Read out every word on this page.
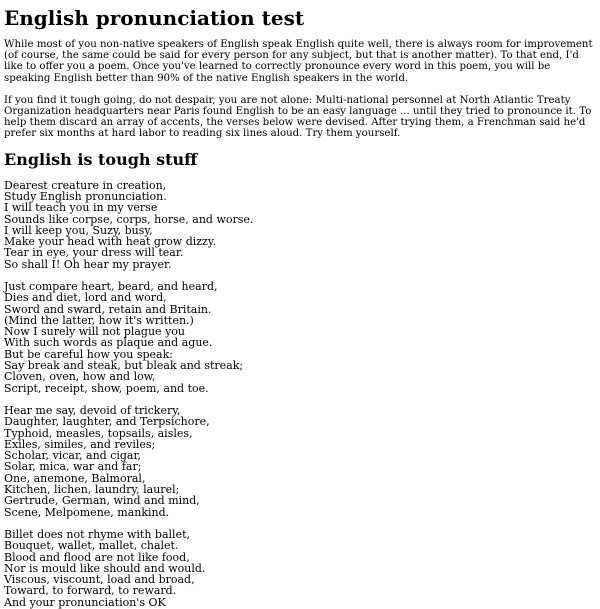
English pronunciation test

While most of you non-native speakers of English speak English quite well, there is always room for improvement (of course, the same could be said for every person for any subject, but that is another matter). To that end, I'd like to offer you a poem. Once you've learned to correctly pronounce every word in this poem, you will be speaking English better than 90% of the native English speakers in the world.

If you find it tough going, do not despair, you are not alone: Multi-national personnel at North Atlantic Treaty Organization headquarters near Paris found English to be an easy language ... until they tried to pronounce it. To help them discard an array of accents, the verses below were devised. After trying them, a Frenchman said he'd prefer six months at hard labor to reading six lines aloud. Try them yourself.

English is tough stuff
Dearest creature in creation,
Study English pronunciation.
I will teach you in my verse
Sounds like corpse, corps, horse, and worse.
I will keep you, Suzy, busy,
Make your head with heat grow dizzy.
Tear in eye, your dress will tear.
So shall I! Oh hear my prayer.
Just compare heart, beard, and heard,
Dies and diet, lord and word,
Sword and sward, retain and Britain.
(Mind the latter, how it's written.)
Now I surely will not plague you
With such words as plaque and ague.
But be careful how you speak:
Say break and steak, but bleak and streak;
Cloven, oven, how and low,
Script, receipt, show, poem, and toe.
Hear me say, devoid of trickery,
Daughter, laughter, and Terpsichore,
Typhoid, measles, topsails, aisles,
Exiles, similes, and reviles;
Scholar, vicar, and cigar,
Solar, mica, war and far;
One, anemone, Balmoral,
Kitchen, lichen, laundry, laurel;
Gertrude, German, wind and mind,
Scene, Melpomene, mankind.
Billet does not rhyme with ballet,
Bouquet, wallet, mallet, chalet.
Blood and flood are not like food,
Nor is mould like should and would.
Viscous, viscount, load and broad,
Toward, to forward, to reward.
And your pronunciation's OK
